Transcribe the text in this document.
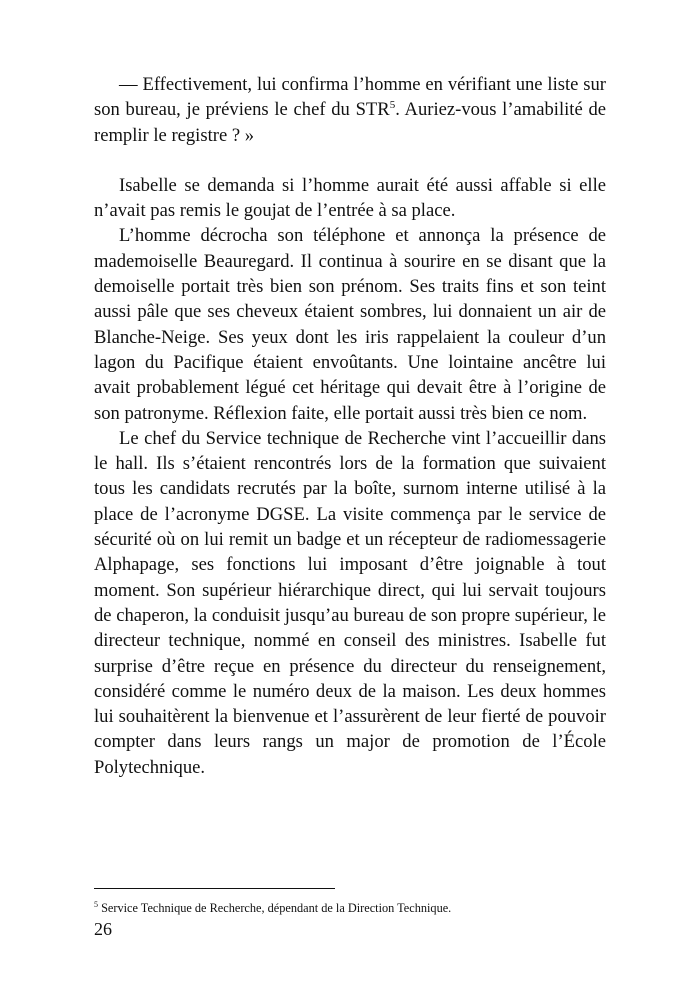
— Effectivement, lui confirma l’homme en vérifiant une liste sur son bureau, je préviens le chef du STR$^5$. Auriez-vous l’amabilité de remplir le registre ? »

Isabelle se demanda si l’homme aurait été aussi affable si elle n’avait pas remis le goujat de l’entrée à sa place.

L’homme décrocha son téléphone et annonça la présence de mademoiselle Beauregard. Il continua à sourire en se disant que la demoiselle portait très bien son prénom. Ses traits fins et son teint aussi pâle que ses cheveux étaient sombres, lui donnaient un air de Blanche-Neige. Ses yeux dont les iris rappelaient la couleur d’un lagon du Pacifique étaient envoûtants. Une lointaine ancêtre lui avait probablement légué cet héritage qui devait être à l’origine de son patronyme. Réflexion faite, elle portait aussi très bien ce nom.

Le chef du Service technique de Recherche vint l’accueillir dans le hall. Ils s’étaient rencontrés lors de la formation que suivaient tous les candidats recrutés par la boîte, surnom interne utilisé à la place de l’acronyme DGSE. La visite commença par le service de sécurité où on lui remit un badge et un récepteur de radiomessagerie Alphapage, ses fonctions lui imposant d’être joignable à tout moment. Son supérieur hiérarchique direct, qui lui servait toujours de chaperon, la conduisit jusqu’au bureau de son propre supérieur, le directeur technique, nommé en conseil des ministres. Isabelle fut surprise d’être reçue en présence du directeur du renseignement, considéré comme le numéro deux de la maison. Les deux hommes lui souhaitèrent la bienvenue et l’assurèrent de leur fierté de pouvoir compter dans leurs rangs un major de promotion de l’École Polytechnique.

$^5$ Service Technique de Recherche, dépendant de la Direction Technique.
26
